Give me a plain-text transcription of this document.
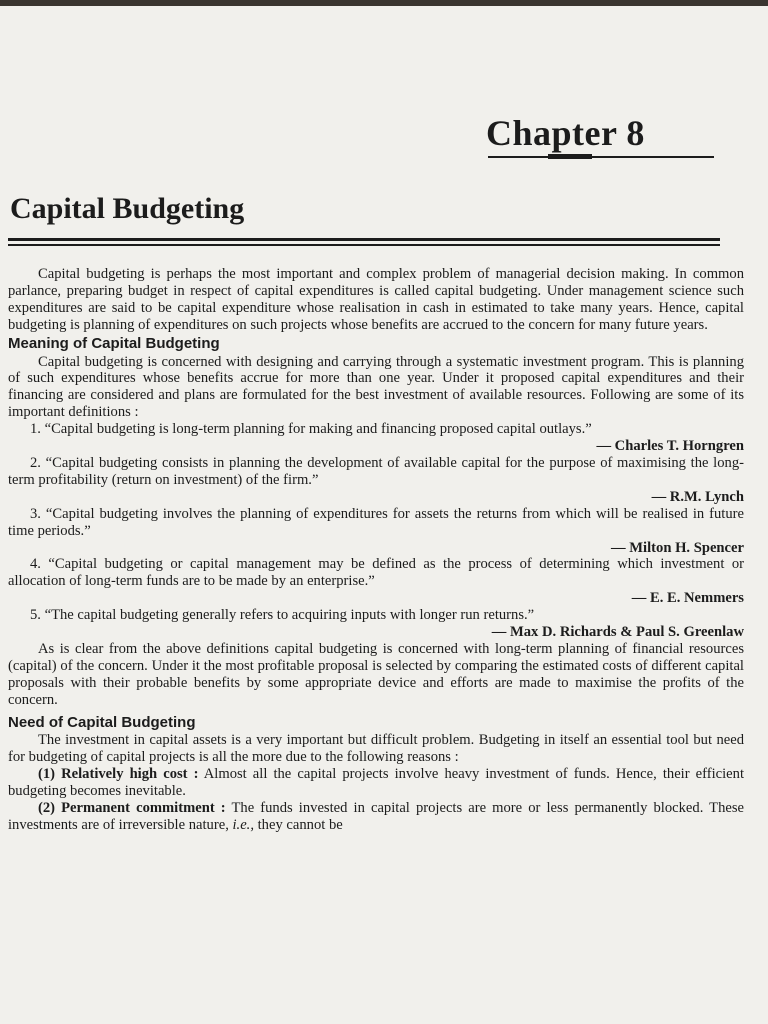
Chapter 8
Capital Budgeting

Capital budgeting is perhaps the most important and complex problem of managerial decision making. In common parlance, preparing budget in respect of capital expenditures is called capital budgeting. Under management science such expenditures are said to be capital expenditure whose realisation in cash in estimated to take many years. Hence, capital budgeting is planning of expenditures on such projects whose benefits are accrued to the concern for many future years.

Meaning of Capital Budgeting

Capital budgeting is concerned with designing and carrying through a systematic investment program. This is planning of such expenditures whose benefits accrue for more than one year. Under it proposed capital expenditures and their financing are considered and plans are formulated for the best investment of available resources. Following are some of its important definitions :

1. “Capital budgeting is long-term planning for making and financing proposed capital outlays.”

— Charles T. Horngren

2. “Capital budgeting consists in planning the development of available capital for the purpose of maximising the long-term profitability (return on investment) of the firm.”

— R.M. Lynch

3. “Capital budgeting involves the planning of expenditures for assets the returns from which will be realised in future time periods.”

— Milton H. Spencer

4. “Capital budgeting or capital management may be defined as the process of determining which investment or allocation of long-term funds are to be made by an enterprise.”

— E. E. Nemmers

5. “The capital budgeting generally refers to acquiring inputs with longer run returns.”

— Max D. Richards & Paul S. Greenlaw

As is clear from the above definitions capital budgeting is concerned with long-term planning of financial resources (capital) of the concern. Under it the most profitable proposal is selected by comparing the estimated costs of different capital proposals with their probable benefits by some appropriate device and efforts are made to maximise the profits of the concern.

Need of Capital Budgeting

The investment in capital assets is a very important but difficult problem. Budgeting in itself an essential tool but need for budgeting of capital projects is all the more due to the following reasons :

(1) Relatively high cost : Almost all the capital projects involve heavy investment of funds. Hence, their efficient budgeting becomes inevitable.

(2) Permanent commitment : The funds invested in capital projects are more or less permanently blocked. These investments are of irreversible nature, i.e., they cannot be
